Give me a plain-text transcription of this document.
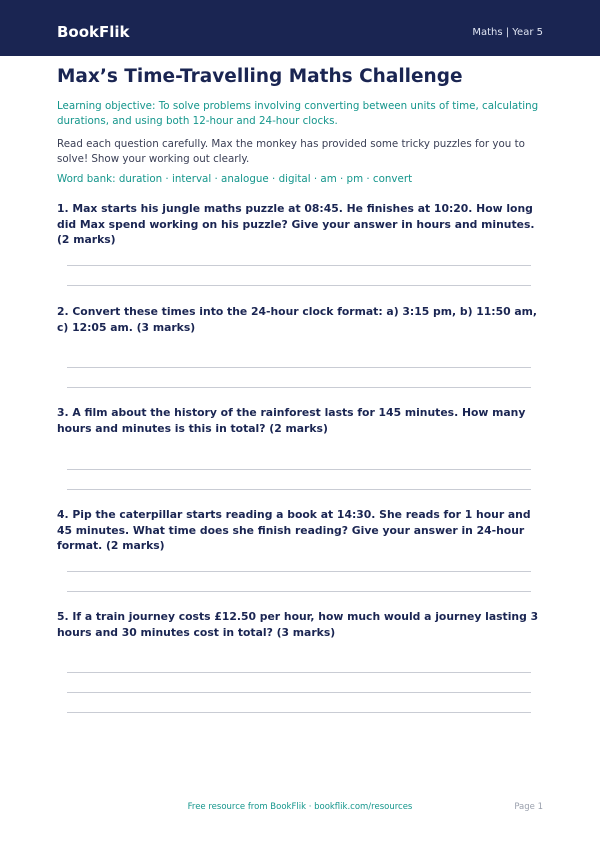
BookFlik	Maths | Year 5
Max’s Time-Travelling Maths Challenge
Learning objective: To solve problems involving converting between units of time, calculating durations, and using both 12-hour and 24-hour clocks.
Read each question carefully. Max the monkey has provided some tricky puzzles for you to solve! Show your working out clearly.
Word bank: duration · interval · analogue · digital · am · pm · convert
1. Max starts his jungle maths puzzle at 08:45. He finishes at 10:20. How long did Max spend working on his puzzle? Give your answer in hours and minutes. (2 marks)
2. Convert these times into the 24-hour clock format: a) 3:15 pm, b) 11:50 am, c) 12:05 am. (3 marks)
3. A film about the history of the rainforest lasts for 145 minutes. How many hours and minutes is this in total? (2 marks)
4. Pip the caterpillar starts reading a book at 14:30. She reads for 1 hour and 45 minutes. What time does she finish reading? Give your answer in 24-hour format. (2 marks)
5. If a train journey costs £12.50 per hour, how much would a journey lasting 3 hours and 30 minutes cost in total? (3 marks)
Free resource from BookFlik · bookflik.com/resources	Page 1
